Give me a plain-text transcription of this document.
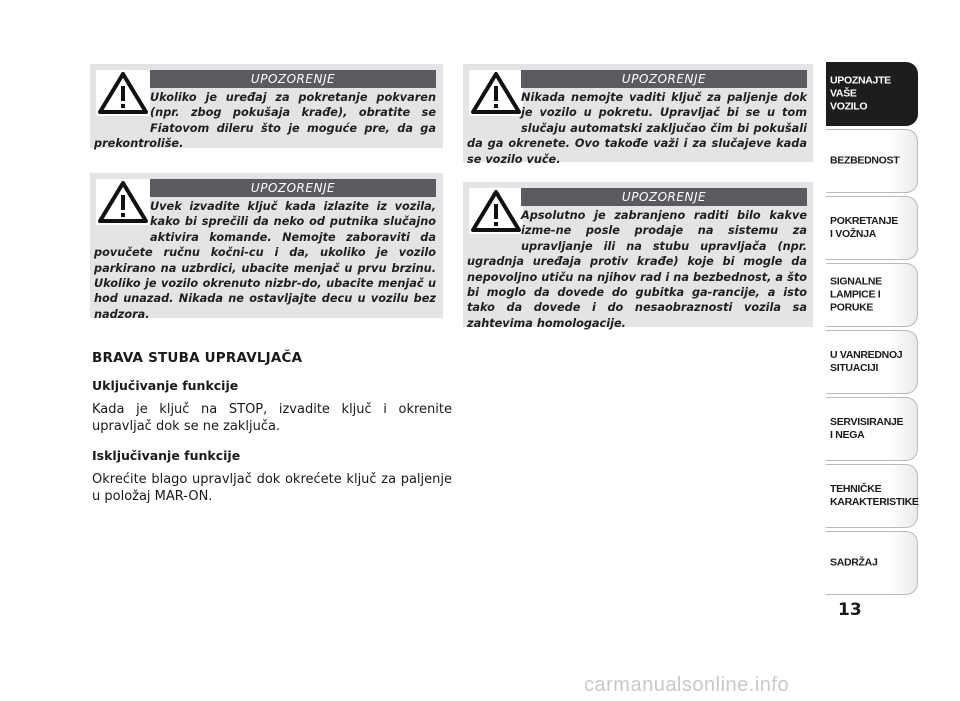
UPOZORENJE
Ukoliko je uređaj za pokretanje pokvaren (npr. zbog pokušaja krađe), obratite se Fiatovom dileru što je moguće pre, da ga prekontroliše.
UPOZORENJE
Uvek izvadite ključ kada izlazite iz vozila, kako bi sprečili da neko od putnika slučajno aktivira komande. Nemojte zaboraviti da povučete ručnu kočni-cu i da, ukoliko je vozilo parkirano na uzbrdici, ubacite menjač u prvu brzinu. Ukoliko je vozilo okrenuto nizbr-do, ubacite menjač u hod unazad. Nikada ne ostavljajte decu u vozilu bez nadzora.
UPOZORENJE
Nikada nemojte vaditi ključ za paljenje dok je vozilo u pokretu. Upravljač bi se u tom slučaju automatski zaključao čim bi pokušali da ga okrenete. Ovo takođe važi i za slučajeve kada se vozilo vuče.
UPOZORENJE
Apsolutno je zabranjeno raditi bilo kakve izme-ne posle prodaje na sistemu za upravljanje ili na stubu upravljača (npr. ugradnja uređaja protiv krađe) koje bi mogle da nepovoljno utiču na njihov rad i na bezbednost, a što bi moglo da dovede do gubitka ga-rancije, a isto tako da dovede i do nesaobraznosti vozila sa zahtevima homologacije.
BRAVA STUBA UPRAVLJAČA
Uključivanje funkcije
Kada je ključ na STOP, izvadite ključ i okrenite upravljač dok se ne zaključa.
Isključivanje funkcije
Okrećite blago upravljač dok okrećete ključ za paljenje u položaj MAR-ON.
UPOZNAJTE
VAŠE
VOZILO
BEZBEDNOST
POKRETANJE
I VOŽNJA
SIGNALNE
LAMPICE I PORUKE
U VANREDNOJ
SITUACIJI
SERVISIRANJE
I NEGA
TEHNIČKE
KARAKTERISTIKE
SADRŽAJ
13
carmanualsonline.info
